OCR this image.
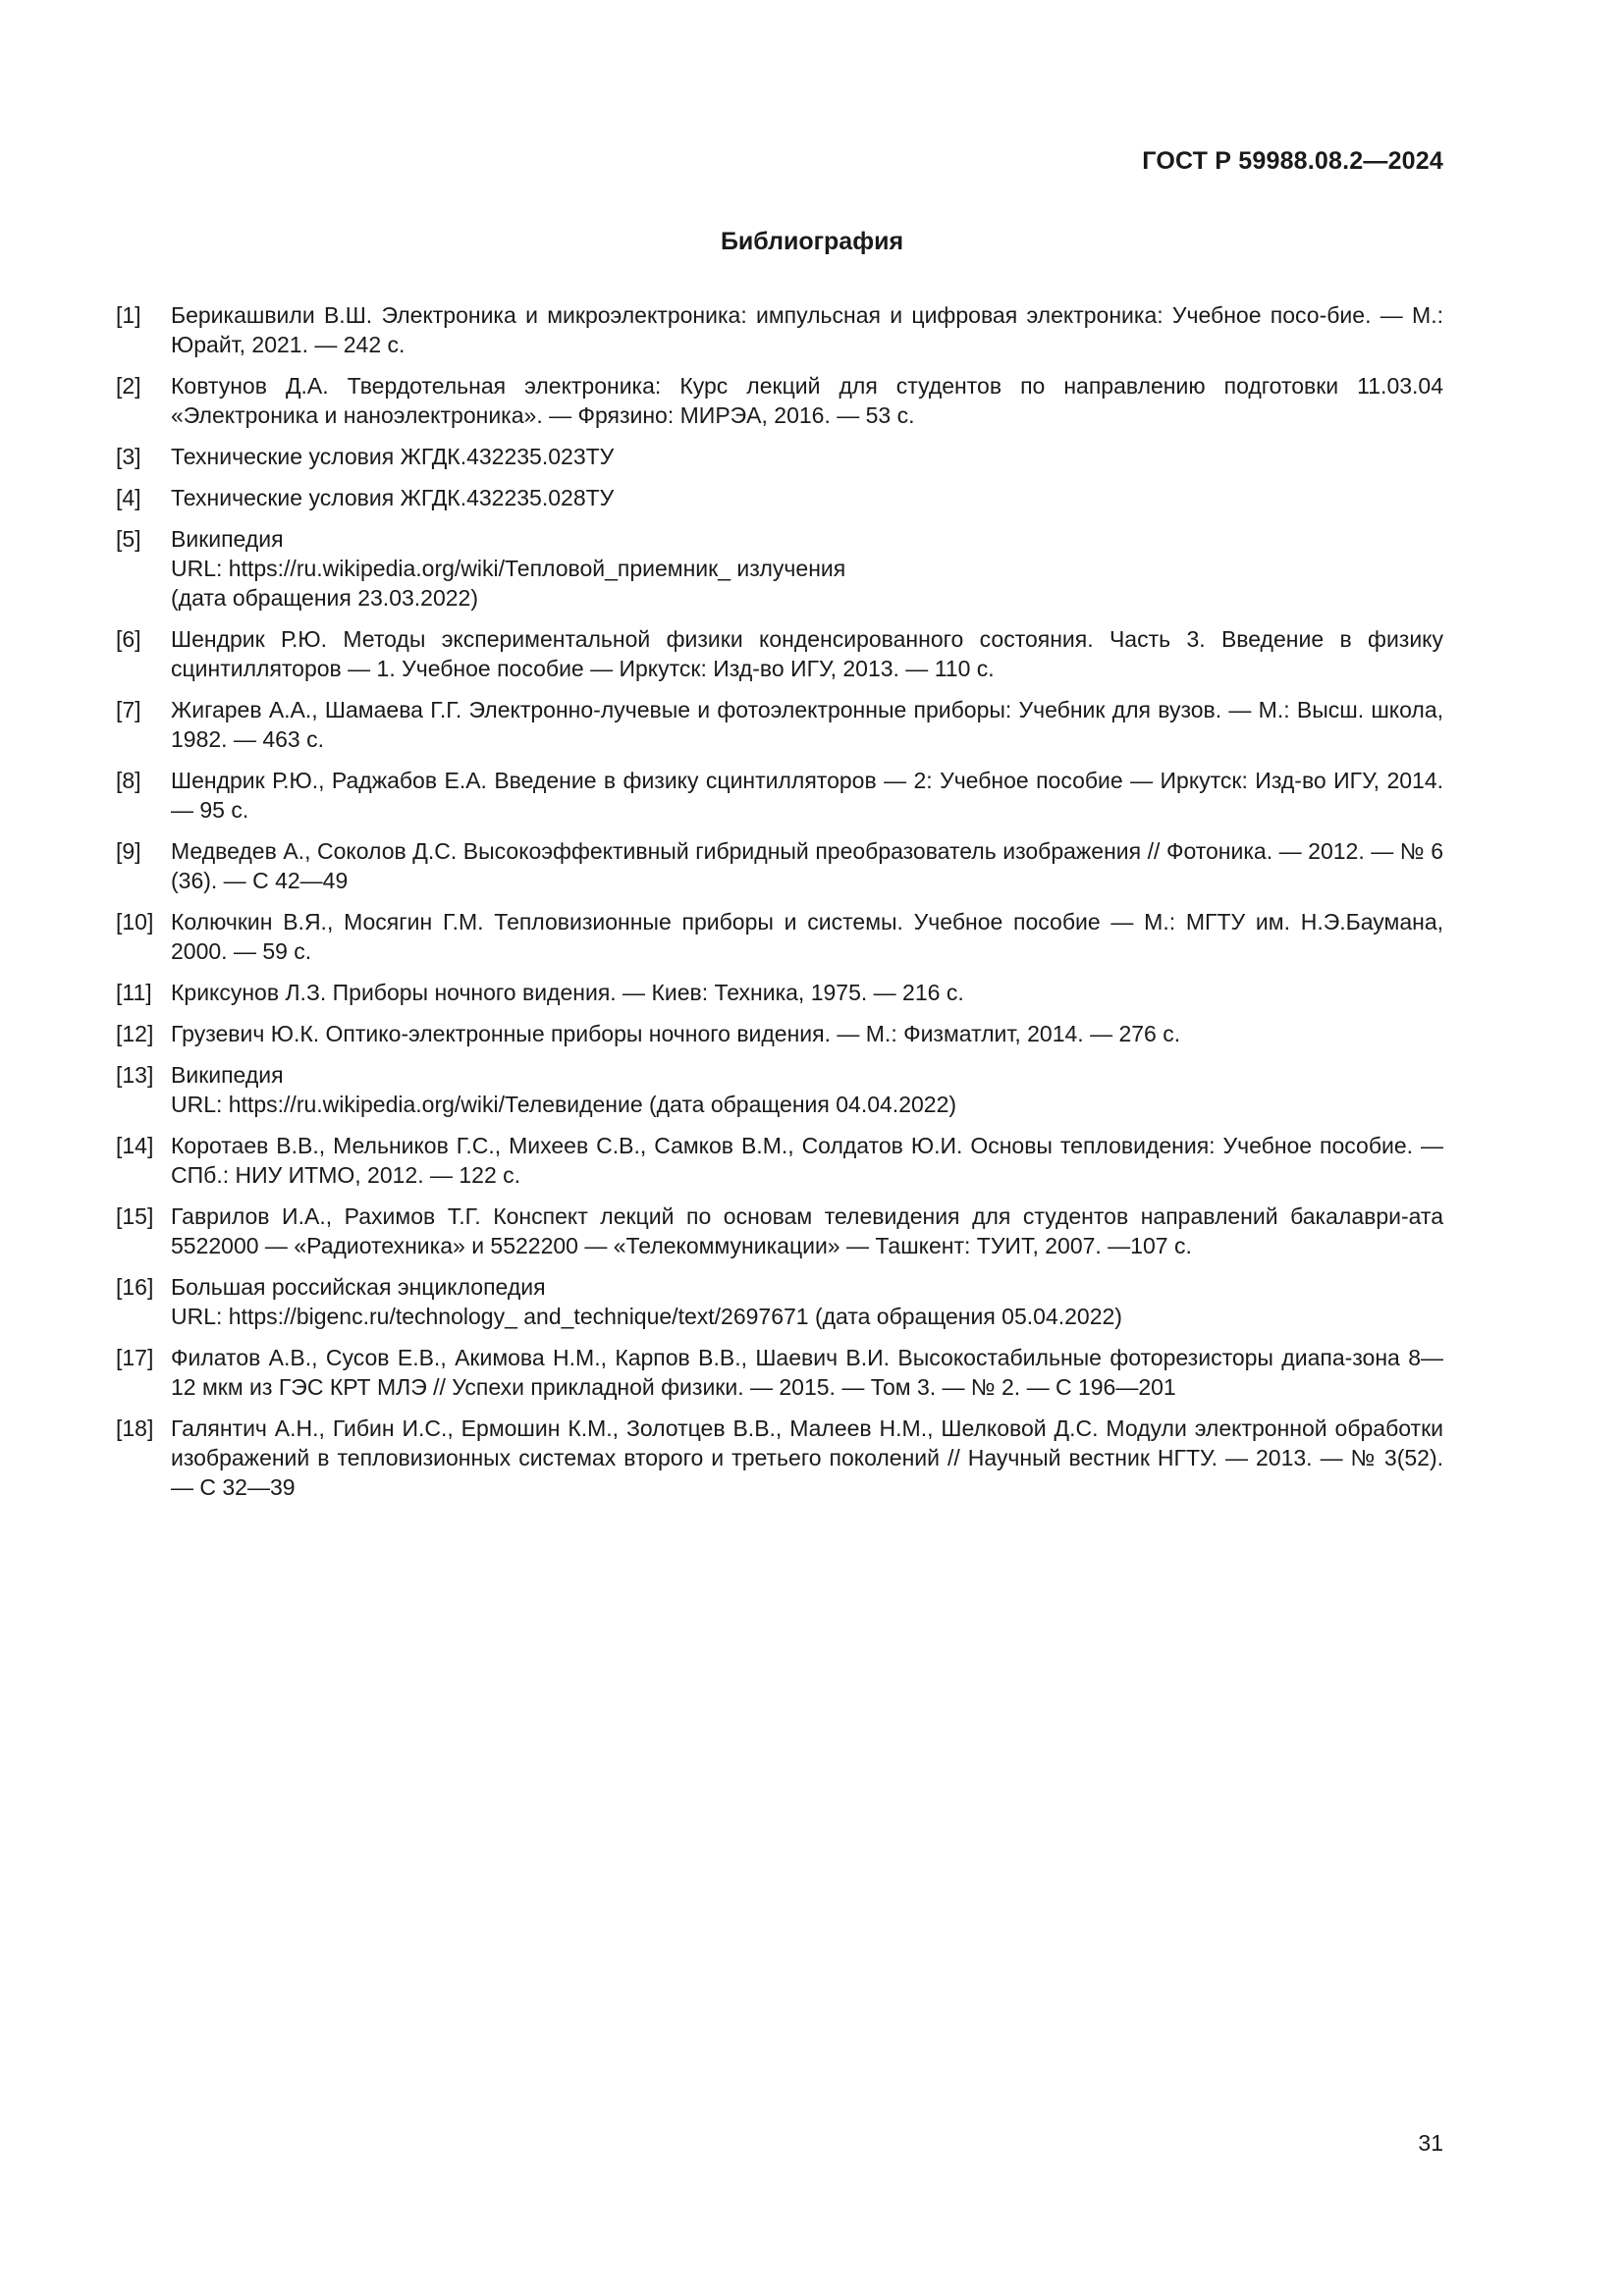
ГОСТ Р 59988.08.2—2024
Библиография
[1]	Берикашвили В.Ш. Электроника и микроэлектроника: импульсная и цифровая электроника: Учебное посо-бие. — М.: Юрайт, 2021. — 242 с.
[2]	Ковтунов Д.А. Твердотельная электроника: Курс лекций для студентов по направлению подготовки 11.03.04 «Электроника и наноэлектроника». — Фрязино: МИРЭА, 2016. — 53 с.
[3]	Технические условия ЖГДК.432235.023ТУ
[4]	Технические условия ЖГДК.432235.028ТУ
[5]	Википедия
URL: https://ru.wikipedia.org/wiki/Тепловой_приемник_ излучения
(дата обращения 23.03.2022)
[6]	Шендрик Р.Ю. Методы экспериментальной физики конденсированного состояния. Часть 3. Введение в физику сцинтилляторов — 1. Учебное пособие — Иркутск: Изд-во ИГУ, 2013. — 110 с.
[7]	Жигарев А.А., Шамаева Г.Г. Электронно-лучевые и фотоэлектронные приборы: Учебник для вузов. — М.: Высш. школа, 1982. — 463 с.
[8]	Шендрик Р.Ю., Раджабов Е.А. Введение в физику сцинтилляторов — 2: Учебное пособие — Иркутск: Изд-во ИГУ, 2014. — 95 с.
[9]	Медведев А., Соколов Д.С. Высокоэффективный гибридный преобразователь изображения // Фотоника. — 2012. — № 6 (36). — С 42—49
[10] Колючкин В.Я., Мосягин Г.М. Тепловизионные приборы и системы. Учебное пособие — М.: МГТУ им. Н.Э.Баумана, 2000. — 59 с.
[11] Криксунов Л.З. Приборы ночного видения. — Киев: Техника, 1975. — 216 с.
[12] Грузевич Ю.К. Оптико-электронные приборы ночного видения. — М.: Физматлит, 2014. — 276 с.
[13] Википедия
URL: https://ru.wikipedia.org/wiki/Телевидение (дата обращения 04.04.2022)
[14] Коротаев В.В., Мельников Г.С., Михеев С.В., Самков В.М., Солдатов Ю.И. Основы тепловидения: Учебное пособие. — СПб.: НИУ ИТМО, 2012. — 122 с.
[15] Гаврилов И.А., Рахимов Т.Г. Конспект лекций по основам телевидения для студентов направлений бакалаври-ата 5522000 — «Радиотехника» и 5522200 — «Телекоммуникации» — Ташкент: ТУИТ, 2007. —107 с.
[16] Большая российская энциклопедия
URL: https://bigenc.ru/technology_ and_technique/text/2697671 (дата обращения 05.04.2022)
[17] Филатов А.В., Сусов Е.В., Акимова Н.М., Карпов В.В., Шаевич В.И. Высокостабильные фоторезисторы диапа-зона 8—12 мкм из ГЭС КРТ МЛЭ // Успехи прикладной физики. — 2015. — Том 3. — № 2. — С 196—201
[18] Галянтич А.Н., Гибин И.С., Ермошин К.М., Золотцев В.В., Малеев Н.М., Шелковой Д.С. Модули электронной обработки изображений в тепловизионных системах второго и третьего поколений // Научный вестник НГТУ. — 2013. — № 3(52). — С 32—39
31
